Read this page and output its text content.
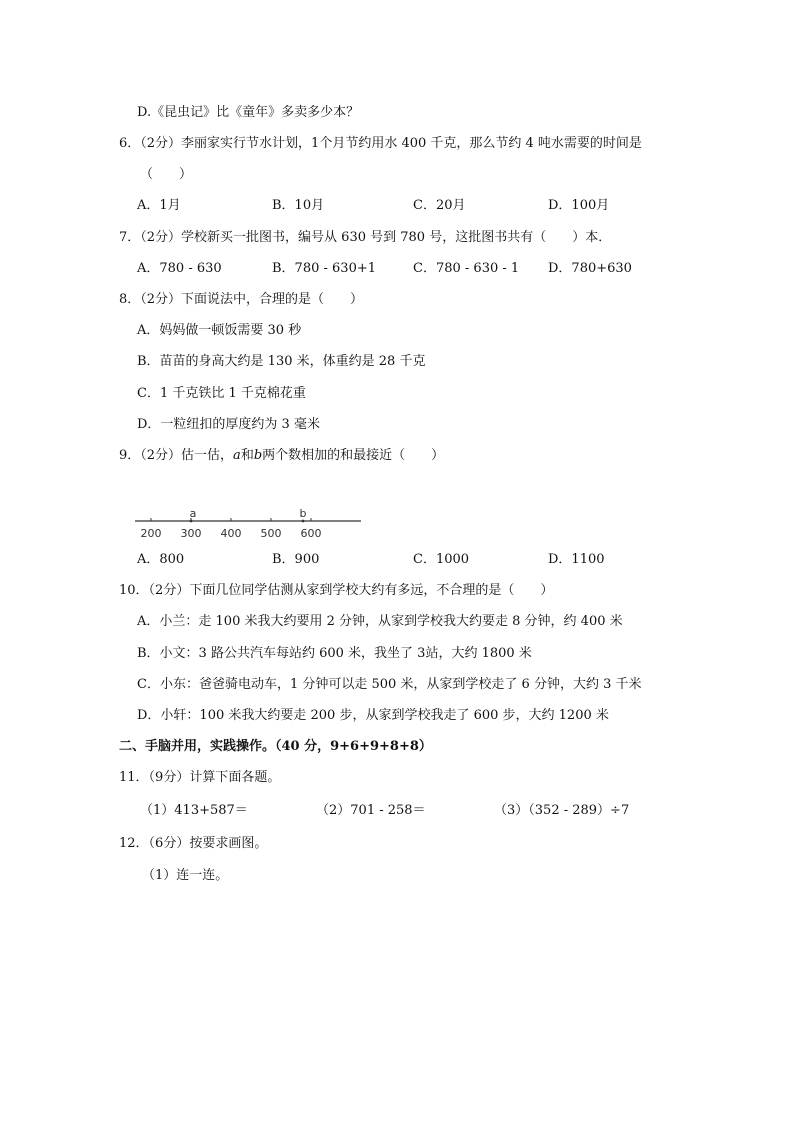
D.《昆虫记》比《童年》多卖多少本？
6．（2分）李丽家实行节水计划，1个月节约用水 400 千克，那么节约 4 吨水需要的时间是
（　　）
A．1月	B．10月	C．20月	D．100月
7．（2分）学校新买一批图书，编号从 630 号到 780 号，这批图书共有（　　）本．
A．780 - 630	B．780 - 630+1	C．780 - 630 - 1 D．780+630
8．（2分）下面说法中，合理的是（　　）
A．妈妈做一顿饭需要 30 秒
B．苗苗的身高大约是 130 米，体重约是 28 千克
C．1 千克铁比 1 千克棉花重
D．一粒纽扣的厚度约为 3 毫米
9．（2分）估一估，a和b两个数相加的和最接近（　　）
200 300 400 500 600
a	b
A．800	B．900	C．1000	D．1100
10．（2分）下面几位同学估测从家到学校大约有多远，不合理的是（　　）
A．小兰：走 100 米我大约要用 2 分钟，从家到学校我大约要走 8 分钟，约 400 米
B．小文：3 路公共汽车每站约 600 米，我坐了 3站，大约 1800 米
C．小东：爸爸骑电动车，1 分钟可以走 500 米，从家到学校走了 6 分钟，大约 3 千米
D．小轩：100 米我大约要走 200 步，从家到学校我走了 600 步，大约 1200 米
二、手脑并用，实践操作。（40 分，9+6+9+8+8）
11．（9分）计算下面各题。
（1）413+587＝	（2）701 - 258＝	（3）（352 - 289）÷7
12．（6分）按要求画图。
（1）连一连。
